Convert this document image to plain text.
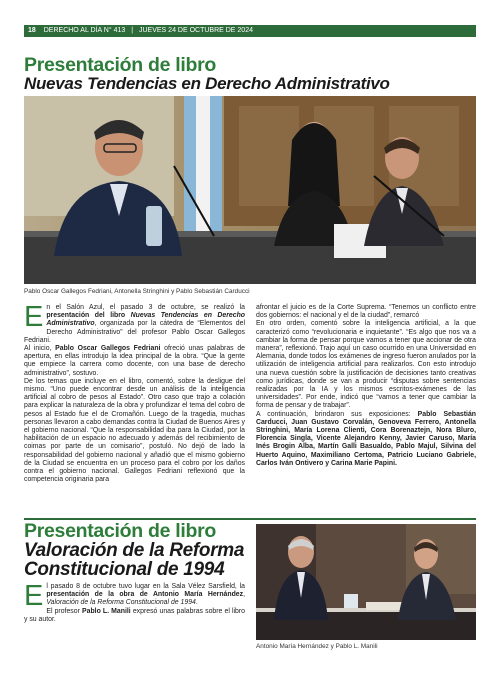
18 DERECHO AL DÍA N° 413 | JUEVES 24 DE OCTUBRE DE 2024
Presentación de libro
Nuevas Tendencias en Derecho Administrativo
Pablo Oscar Gallegos Fedriani, Antonella Stringhini y Pablo Sebastián Carducci
E n el Salón Azul, el pasado 3 de octubre, se realizó la presentación del libro Nuevas Tendencias en Derecho Administrativo, organizada por la cátedra de “Elementos del Derecho Administrativo” del profesor Pablo Oscar Gallegos Fedriani.

Al inicio, Pablo Oscar Gallegos Fedriani ofreció unas palabras de apertura, en ellas introdujo la idea principal de la obra. “Que la gente que empiece la carrera como docente, con una base de derecho administrativo”, sostuvo.

De los temas que incluye en el libro, comentó, sobre la desligue del mismo. “Uno puede encontrar desde un análisis de la inteligencia artificial al cobro de pesos al Estado”. Otro caso que trajo a colación para explicar la naturaleza de la obra y profundizar el tema del cobro de pesos al Estado fue el de Cromañón. Luego de la tragedia, muchas personas llevaron a cabo demandas contra la Ciudad de Buenos Aires y el gobierno nacional. “Que la responsabilidad iba para la Ciudad, por la habilitación de un espacio no adecuado y además del recibimiento de coimas por parte de un comisario”, postuló. No dejó de lado la responsabilidad del gobierno nacional y añadió que el mismo gobierno de la Ciudad se encuentra en un proceso para el cobro por los daños contra el gobierno nacional. Gallegos Fedriani reflexionó que la competencia originaria para

afrontar el juicio es de la Corte Suprema. “Tenemos un conflicto entre dos gobiernos: el nacional y el de la ciudad”, remarcó

En otro orden, comentó sobre la inteligencia artificial, a la que caracterizó como “revolucionaria e inquietante”. “Es algo que nos va a cambiar la forma de pensar porque vamos a tener que accionar de otra manera”, reflexionó. Trajo aquí un caso ocurrido en una Universidad en Alemania, donde todos los exámenes de ingreso fueron anulados por la utilización de inteligencia artificial para realizarlos. Con esto introdujo una nueva cuestión sobre la justificación de decisiones tanto creativas como jurídicas, donde se van a producir “disputas sobre sentencias realizadas por la IA y los mismos escritos-exámenes de las universidades”. Por ende, indicó que “vamos a tener que cambiar la forma de pensar y de trabajar”.

A continuación, brindaron sus exposiciones: Pablo Sebastián Carducci, Juan Gustavo Corvalán, Genoveva Ferrero, Antonella Stringhini, María Lorena Clienti, Cora Borenaztejn, Nora Bluro, Florencia Singla, Vicente Alejandro Kenny, Javier Caruso, María Inés Brogin Alba, Martín Galli Basualdo, Pablo Majul, Silvina del Huerto Aquino, Maximiliano Certoma, Patricio Luciano Gabriele, Carlos Iván Ontivero y Carina Marie Papini.

Presentación de libro
Valoración de la Reforma
Constitucional de 1994
E l pasado 8 de octubre tuvo lugar en la Sala Vélez Sarsfield, la presentación de la obra de Antonio María Hernández, Valoración de la Reforma Constitucional de 1994.

El profesor Pablo L. Manili expresó unas palabras sobre el libro y su autor.

Antonio María Hernández y Pablo L. Manili
